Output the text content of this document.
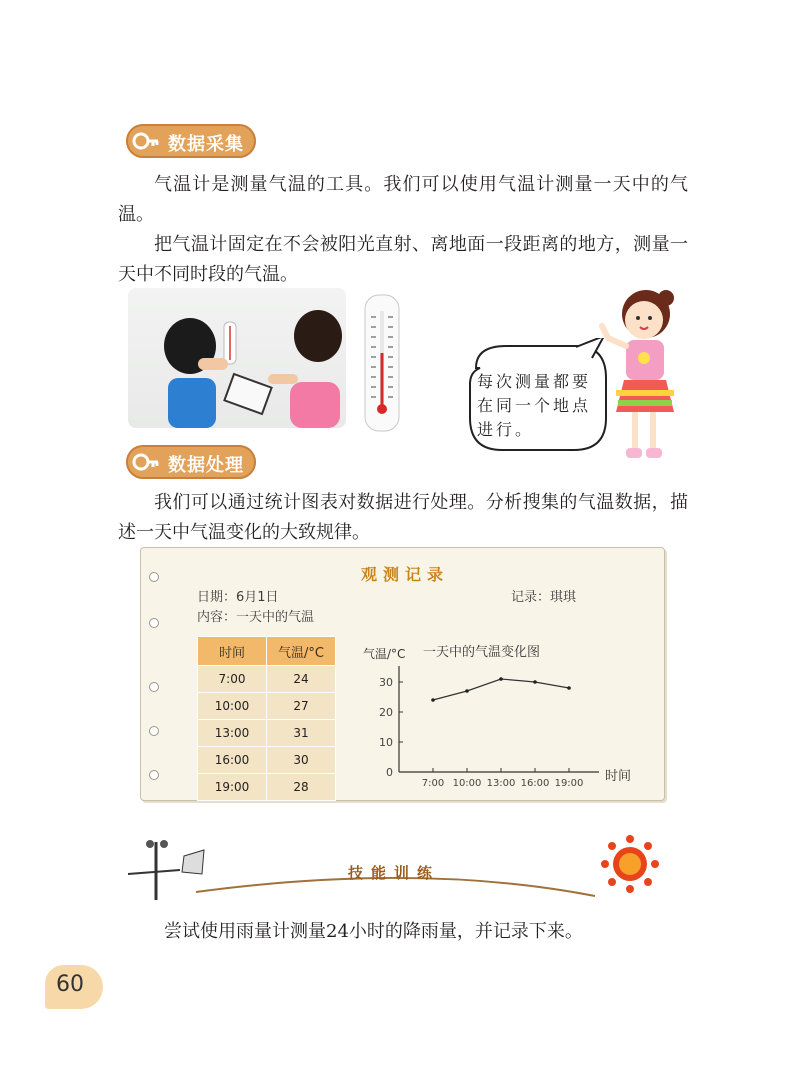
数据采集

气温计是测量气温的工具。我们可以使用气温计测量一天中的气温。

把气温计固定在不会被阳光直射、离地面一段距离的地方，测量一天中不同时段的气温。

每次测量都要在同一个地点进行。
数据处理

我们可以通过统计图表对数据进行处理。分析搜集的气温数据，描述一天中气温变化的大致规律。

观测记录
日期：6月1日	记录：琪琪
内容：一天中的气温
时间	气温/°C
7:00	24
10:00	27
13:00	31
16:00	30
19:00	28
0
10
20
30
7:00 10:00 13:00 16:00 19:00
气温/°C 一天中的气温变化图
时间
技能训练
尝试使用雨量计测量24小时的降雨量，并记录下来。
60
